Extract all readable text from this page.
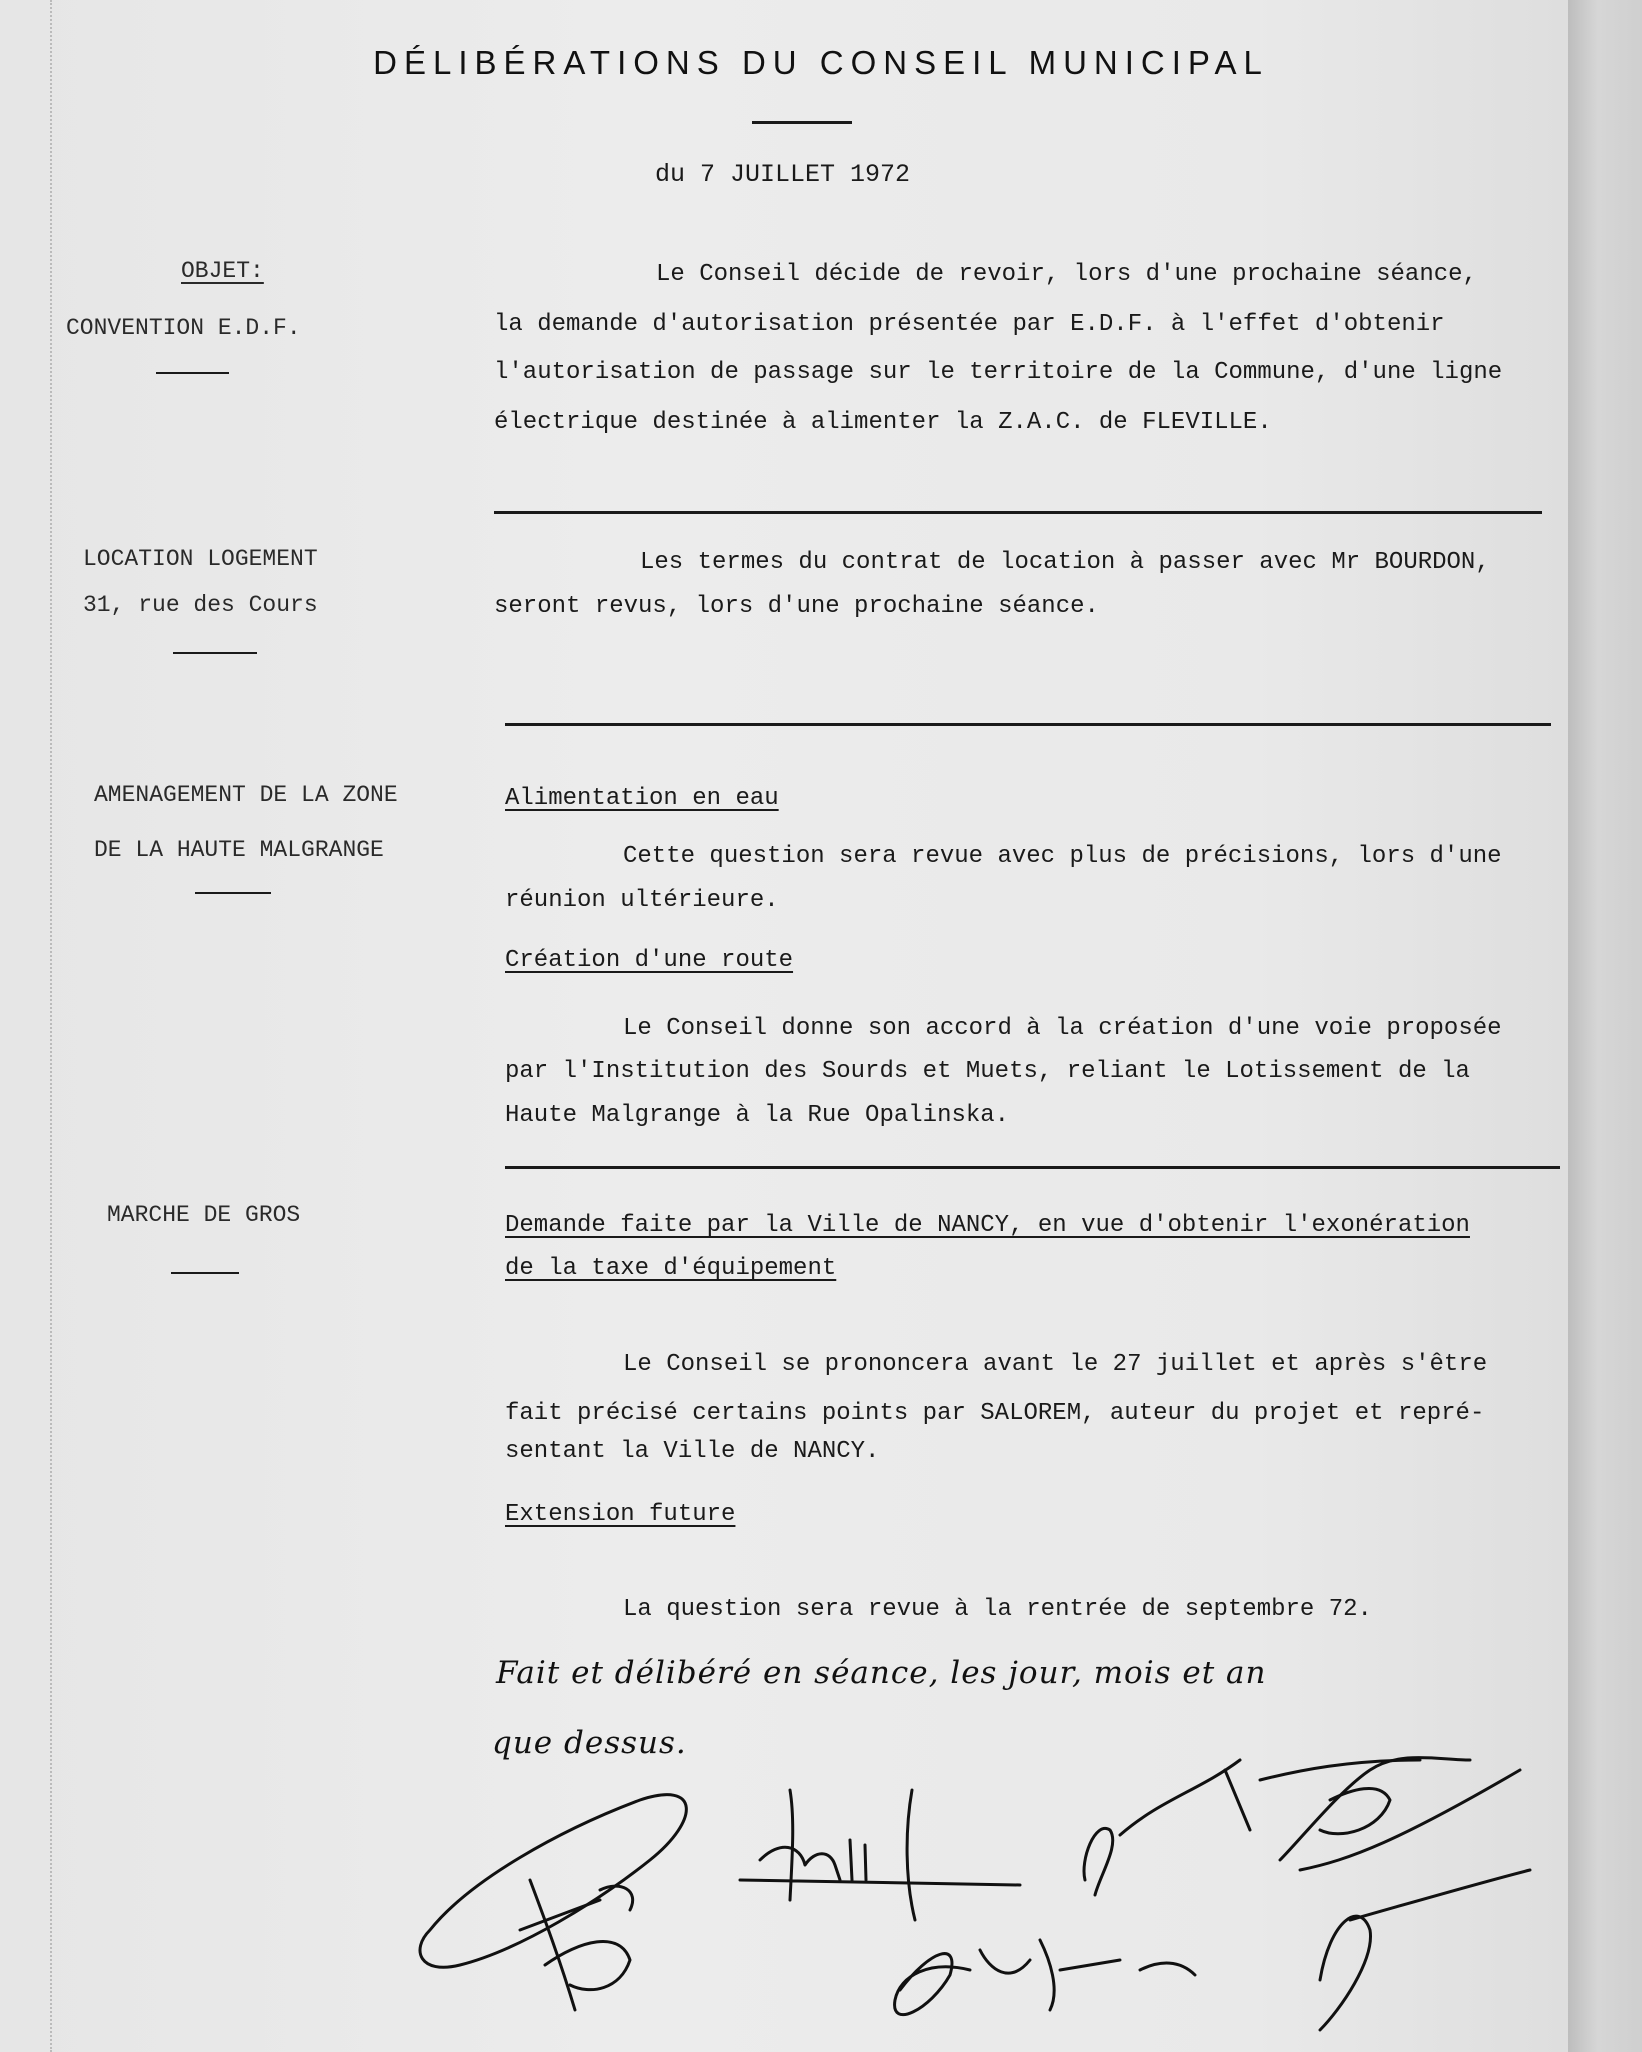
DÉLIBÉRATIONS DU CONSEIL MUNICIPAL
du 7 JUILLET 1972
OBJET:
CONVENTION E.D.F.
Le Conseil décide de revoir, lors d'une prochaine séance,
la demande d'autorisation présentée par E.D.F. à l'effet d'obtenir
l'autorisation de passage sur le territoire de la Commune, d'une ligne
électrique destinée à alimenter la Z.A.C. de FLEVILLE.
LOCATION LOGEMENT
31, rue des Cours
Les termes du contrat de location à passer avec Mr BOURDON,
seront revus, lors d'une prochaine séance.
AMENAGEMENT DE LA ZONE
DE LA HAUTE MALGRANGE
Alimentation en eau
Cette question sera revue avec plus de précisions, lors d'une
réunion ultérieure.
Création d'une route
Le Conseil donne son accord à la création d'une voie proposée
par l'Institution des Sourds et Muets, reliant le Lotissement de la
Haute Malgrange à la Rue Opalinska.
MARCHE DE GROS	Demande faite par la Ville de NANCY, en vue d'obtenir l'exonération
de la taxe d'équipement
Le Conseil se prononcera avant le 27 juillet et après s'être
fait précisé certains points par SALOREM, auteur du projet et repré-
sentant la Ville de NANCY.
Extension future
La question sera revue à la rentrée de septembre 72.
Fait et délibéré en séance, les jour, mois et an
que dessus.
